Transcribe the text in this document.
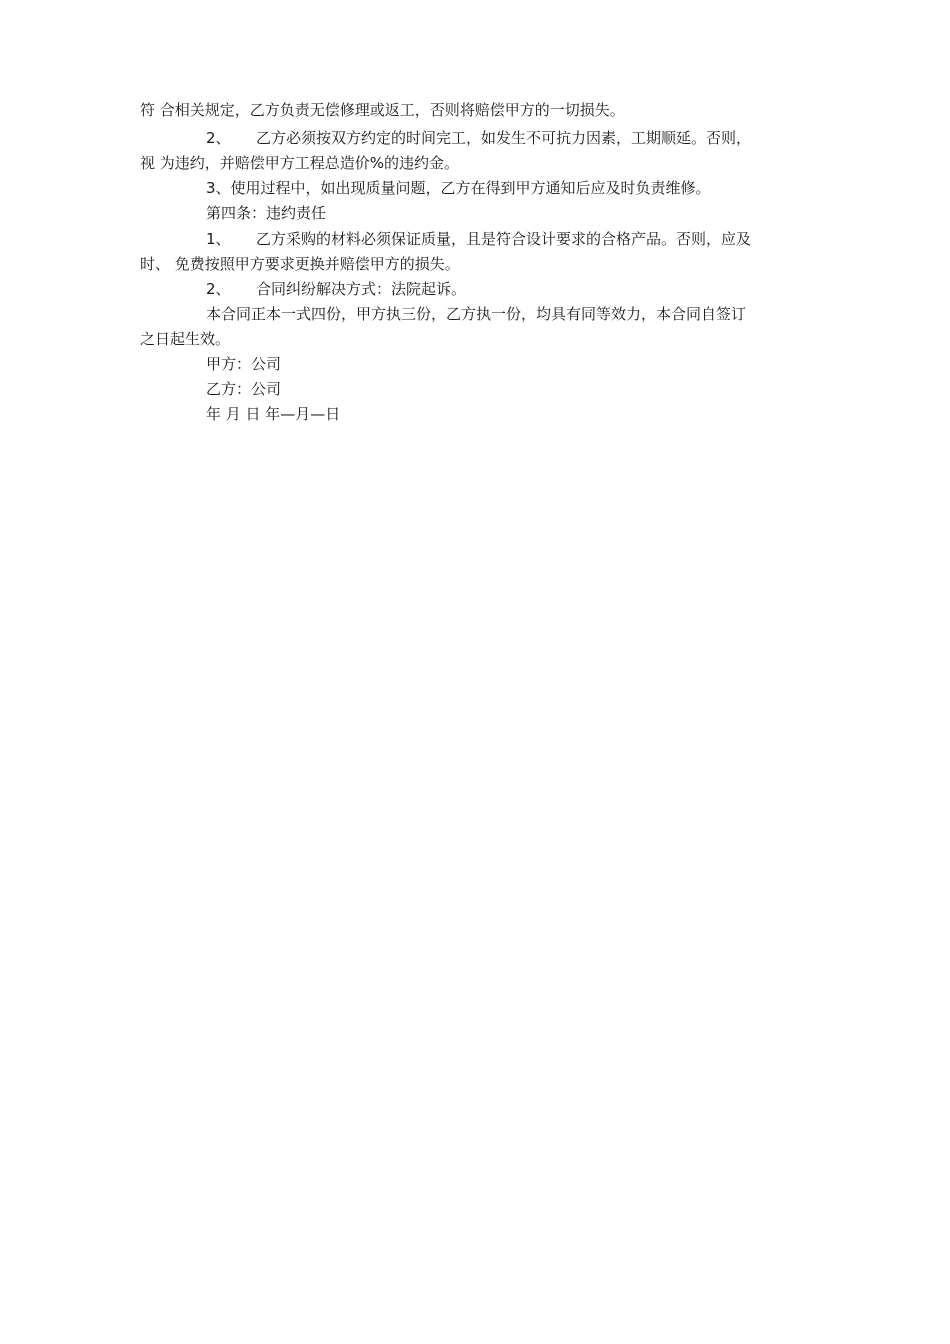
符 合相关规定，乙方负责无偿修理或返工，否则将赔偿甲方的一切损失。
2、 乙方必须按双方约定的时间完工，如发生不可抗力因素，工期顺延。否则，
视 为违约，并赔偿甲方工程总造价%的违约金。
3、使用过程中，如出现质量问题，乙方在得到甲方通知后应及时负责维修。
第四条：违约责任
1、 乙方采购的材料必须保证质量，且是符合设计要求的合格产品。否则，应及
时、 免费按照甲方要求更换并赔偿甲方的损失。
2、 合同纠纷解决方式：法院起诉。
本合同正本一式四份，甲方执三份，乙方执一份，均具有同等效力，本合同自签订
之日起生效。
甲方：公司
乙方：公司
年 月 日 年—月—日
